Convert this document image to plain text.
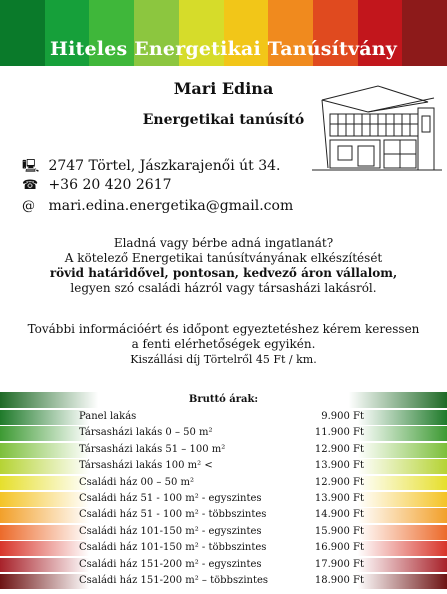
Hiteles Energetikai Tanúsítvány
Mari Edina
Energetikai tanúsító
🖳 2747 Törtel, Jászkarajenői út 34.
☎ +36 20 420 2617
@ mari.edina.energetika@gmail.com
Eladná vagy bérbe adná ingatlanát?
A kötelező Energetikai tanúsítványának elkészítését
rövid határidővel, pontosan, kedvező áron vállalom,
legyen szó családi házról vagy társasházi lakásról.
További információért és időpont egyeztetéshez kérem keressen
a fenti elérhetőségek egyikén.
Kiszállási díj Törtelről 45 Ft / km.
Panel lakás	9.900 Ft
Társasházi lakás 0 – 50 m²	11.900 Ft
Társasházi lakás 51 – 100 m²	12.900 Ft
Társasházi lakás 100 m² <	13.900 Ft
Családi ház 00 – 50 m²	12.900 Ft
Családi ház 51 - 100 m² - egyszintes	13.900 Ft
Családi ház 51 - 100 m² - többszintes	14.900 Ft
Családi ház 101-150 m² - egyszintes	15.900 Ft
Családi ház 101-150 m² - többszintes	16.900 Ft
Családi ház 151-200 m² - egyszintes	17.900 Ft
Családi ház 151-200 m² – többszintes	18.900 Ft
Bruttó árak:
